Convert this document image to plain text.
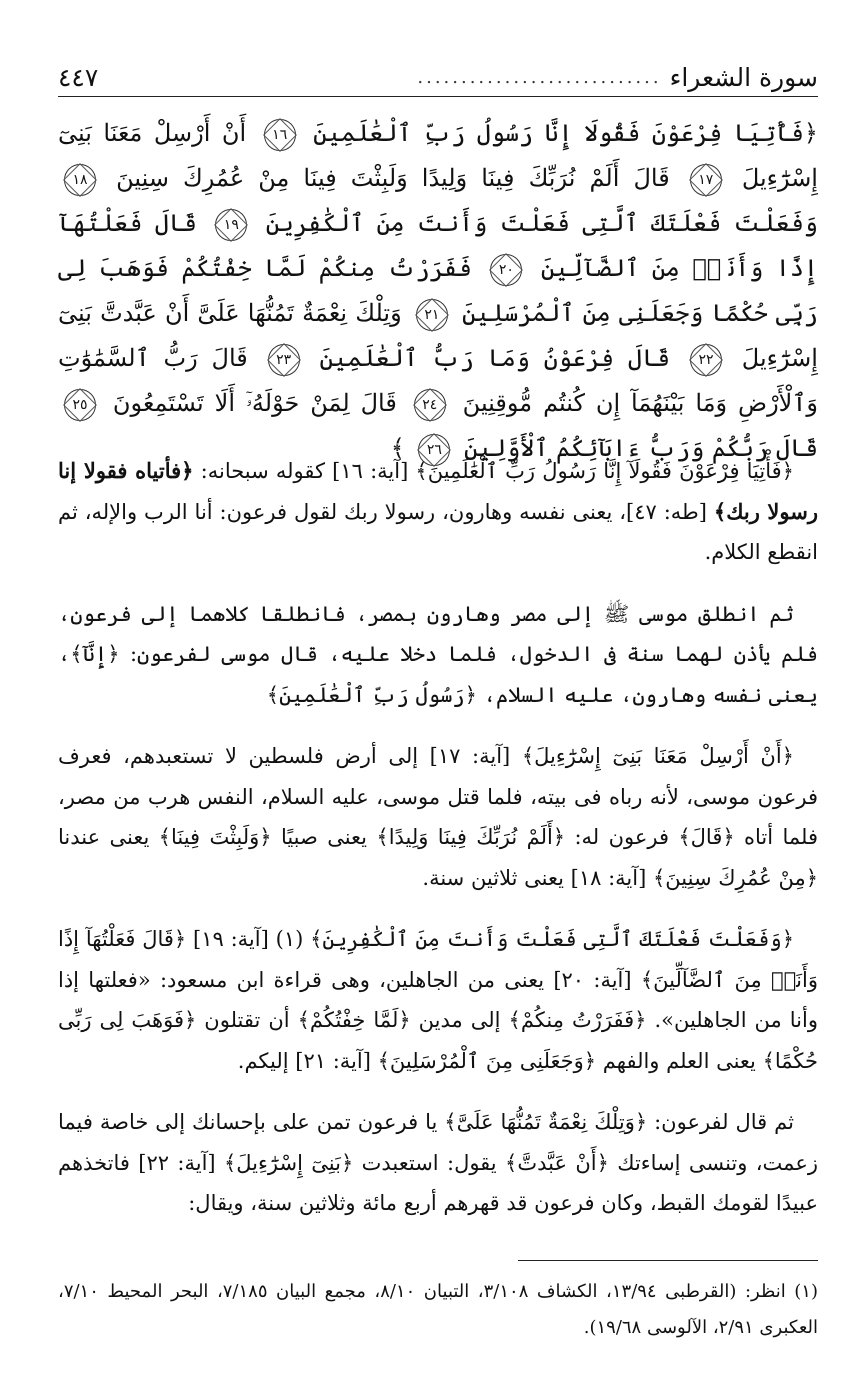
سورة الشعراء
............................
٤٤٧
﴿فَأْتِيَا فِرْعَوْنَ فَقُولَا إِنَّا رَسُولُ رَبِّ ٱلْعَٰلَمِينَ
١٦
أَنْ أَرْسِلْ مَعَنَا بَنِىٓ إِسْرَٰٓءِيلَ
١٧
قَالَ أَلَمْ نُرَبِّكَ فِينَا وَلِيدًا وَلَبِثْتَ فِينَا مِنْ عُمُرِكَ سِنِينَ
١٨
وَفَعَلْتَ فَعْلَتَكَ ٱلَّتِى فَعَلْتَ وَأَنتَ مِنَ ٱلْكَٰفِرِينَ
١٩
قَالَ فَعَلْتُهَآ إِذًا وَأَنَا۠ مِنَ ٱلضَّآلِّينَ
٢٠
فَفَرَرْتُ مِنكُمْ لَمَّا خِفْتُكُمْ فَوَهَبَ لِى رَبِّى حُكْمًا وَجَعَلَنِى مِنَ ٱلْمُرْسَلِينَ
٢١
وَتِلْكَ نِعْمَةٌ تَمُنُّهَا عَلَىَّ أَنْ عَبَّدتَّ بَنِىٓ إِسْرَٰٓءِيلَ
٢٢
قَالَ فِرْعَوْنُ وَمَا رَبُّ ٱلْعَٰلَمِينَ
٢٣
قَالَ رَبُّ ٱلسَّمَٰوَٰتِ وَٱلْأَرْضِ وَمَا بَيْنَهُمَآ إِن كُنتُم مُّوقِنِينَ
٢٤
قَالَ لِمَنْ حَوْلَهُۥٓ أَلَا تَسْتَمِعُونَ
٢٥
قَالَ رَبُّكُمْ وَرَبُّ ءَابَآئِكُمُ ٱلْأَوَّلِينَ
٢٦
﴾

﴿فَأْتِيَا فِرْعَوْنَ فَقُولَآ إِنَّا رَسُولُ رَبِّ ٱلْعَٰلَمِينَ﴾ [آية: ١٦] كقوله سبحانه: ﴿فأتياه فقولا إنا رسولا ربك﴾ [طه: ٤٧]، يعنى نفسه وهارون، رسولا ربك لقول فرعون: أنا الرب والإله، ثم انقطع الكلام.

ثم انطلق موسى ﷺ إلى مصر وهارون بمصر، فانطلقا كلاهما إلى فرعون، فلم يأذن لهما سنة فى الدخول، فلما دخلا عليه، قال موسى لفرعون: ﴿إِنَّآ﴾، يعنى نفسه وهارون، عليه السلام، ﴿رَسُولُ رَبِّ ٱلْعَٰلَمِينَ﴾

﴿أَنْ أَرْسِلْ مَعَنَا بَنِىٓ إِسْرَٰٓءِيلَ﴾ [آية: ١٧] إلى أرض فلسطين لا تستعبدهم، فعرف فرعون موسى، لأنه رباه فى بيته، فلما قتل موسى، عليه السلام، النفس هرب من مصر، فلما أتاه ﴿قَالَ﴾ فرعون له: ﴿أَلَمْ نُرَبِّكَ فِينَا وَلِيدًا﴾ يعنى صبيًا ﴿وَلَبِثْتَ فِينَا﴾ يعنى عندنا ﴿مِنْ عُمُرِكَ سِنِينَ﴾ [آية: ١٨] يعنى ثلاثين سنة.

﴿وَفَعَلْتَ فَعْلَتَكَ ٱلَّتِى فَعَلْتَ وَأَنتَ مِنَ ٱلْكَٰفِرِينَ﴾ (١) [آية: ١٩] ﴿قَالَ فَعَلْتُهَآ إِذًا وَأَنَا۠ مِنَ ٱلضَّآلِّينَ﴾ [آية: ٢٠] يعنى من الجاهلين، وهى قراءة ابن مسعود: «فعلتها إذا وأنا من الجاهلين». ﴿فَفَرَرْتُ مِنكُمْ﴾ إلى مدين ﴿لَمَّا خِفْتُكُمْ﴾ أن تقتلون ﴿فَوَهَبَ لِى رَبِّى حُكْمًا﴾ يعنى العلم والفهم ﴿وَجَعَلَنِى مِنَ ٱلْمُرْسَلِينَ﴾ [آية: ٢١] إليكم.

ثم قال لفرعون: ﴿وَتِلْكَ نِعْمَةٌ تَمُنُّهَا عَلَىَّ﴾ يا فرعون تمن على بإحسانك إلى خاصة فيما زعمت، وتنسى إساءتك ﴿أَنْ عَبَّدتَّ﴾ يقول: استعبدت ﴿بَنِىٓ إِسْرَٰٓءِيلَ﴾ [آية: ٢٢] فاتخذهم عبيدًا لقومك القبط، وكان فرعون قد قهرهم أربع مائة وثلاثين سنة، ويقال:

(١) انظر: (القرطبى ١٣/٩٤، الكشاف ٣/١٠٨، التبيان ٨/١٠، مجمع البيان ٧/١٨٥، البحر المحيط ٧/١٠، العكبرى ٢/٩١، الآلوسى ١٩/٦٨).
